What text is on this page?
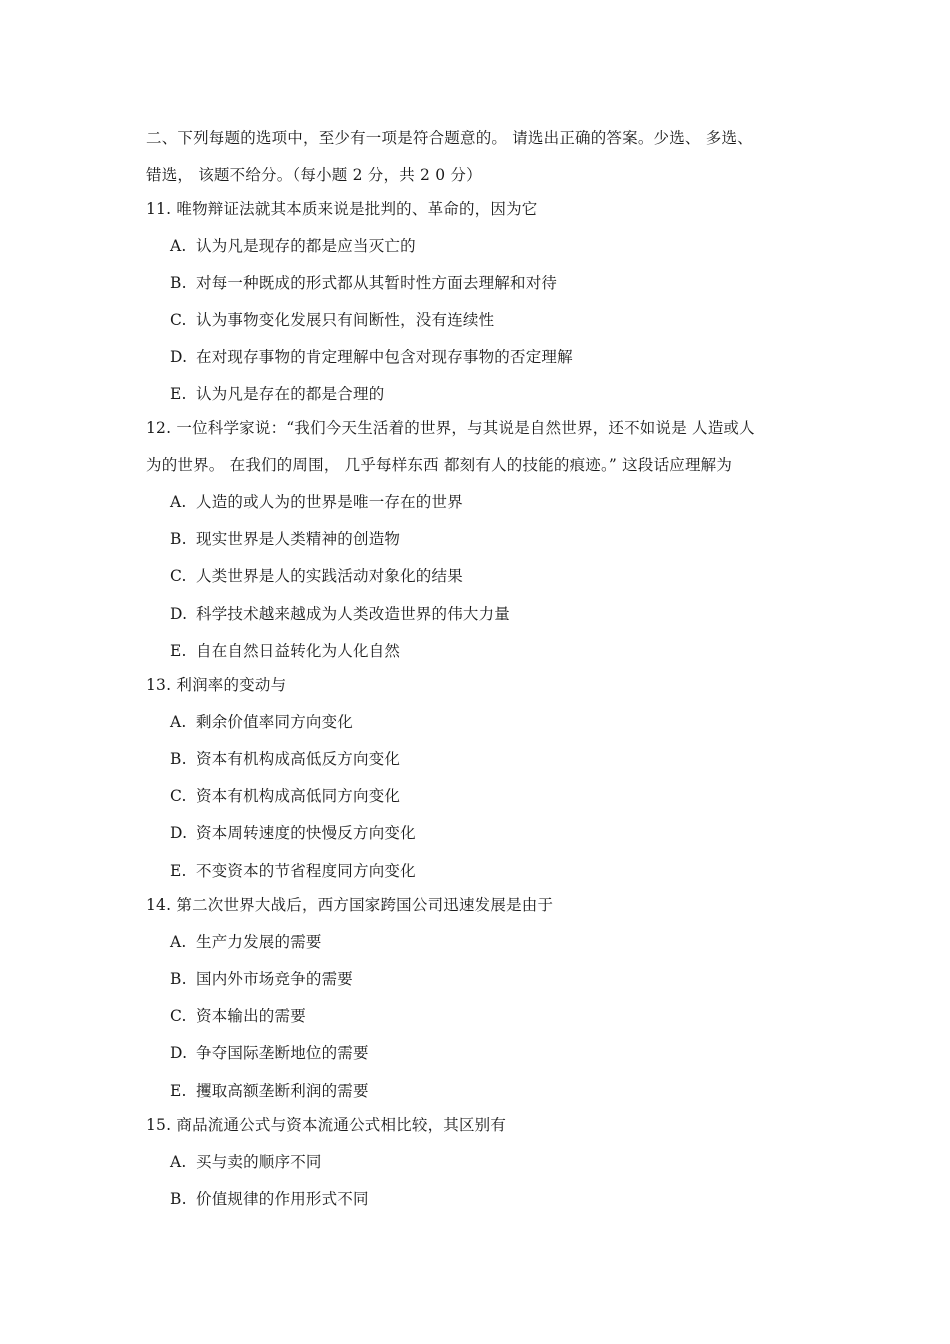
二、下列每题的选项中，至少有一项是符合题意的。 请选出正确的答案。少选、 多选、
错选， 该题不给分。（每小题 2 分，共 2 0 分）
11. 唯物辩证法就其本质来说是批判的、革命的，因为它
A. 认为凡是现存的都是应当灭亡的
B. 对每一种既成的形式都从其暂时性方面去理解和对待
C. 认为事物变化发展只有间断性，没有连续性
D. 在对现存事物的肯定理解中包含对现存事物的否定理解
E. 认为凡是存在的都是合理的
12. 一位科学家说：“我们今天生活着的世界，与其说是自然世界，还不如说是 人造或人
为的世界。 在我们的周围， 几乎每样东西 都刻有人的技能的痕迹。” 这段话应理解为
A. 人造的或人为的世界是唯一存在的世界
B. 现实世界是人类精神的创造物
C. 人类世界是人的实践活动对象化的结果
D. 科学技术越来越成为人类改造世界的伟大力量
E. 自在自然日益转化为人化自然
13. 利润率的变动与
A. 剩余价值率同方向变化
B. 资本有机构成高低反方向变化
C. 资本有机构成高低同方向变化
D. 资本周转速度的快慢反方向变化
E. 不变资本的节省程度同方向变化
14. 第二次世界大战后，西方国家跨国公司迅速发展是由于
A. 生产力发展的需要
B. 国内外市场竞争的需要
C. 资本输出的需要
D. 争夺国际垄断地位的需要
E. 攫取高额垄断利润的需要
15. 商品流通公式与资本流通公式相比较，其区别有
A. 买与卖的顺序不同
B. 价值规律的作用形式不同
